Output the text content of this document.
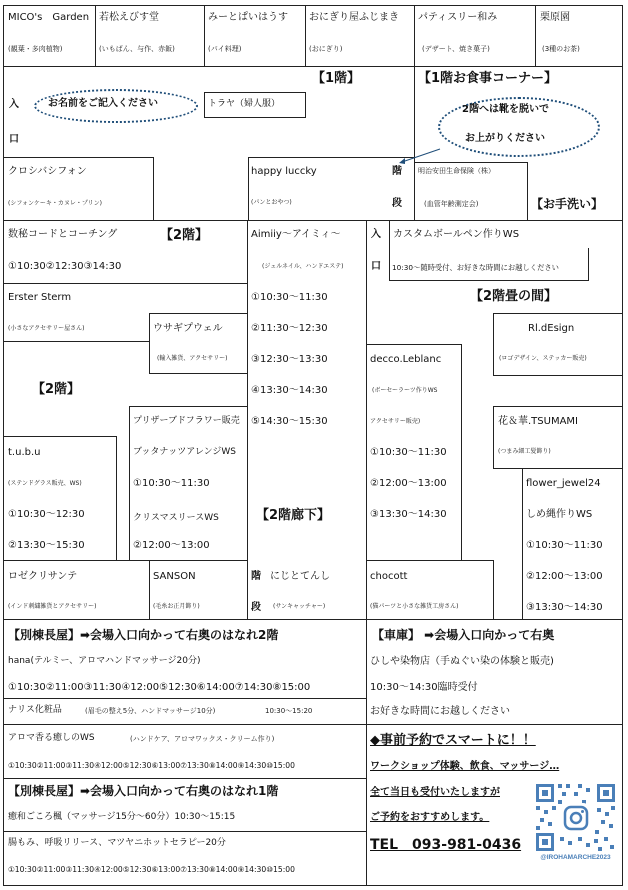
MICO's　Garden
(観葉・多肉植物)
若松えびす堂
(いもばん、与作、赤飯)
みーとぱいはうす
(パイ料理)
おにぎり屋ふじまき
(おにぎり)
パティスリー和み
(デザート、焼き菓子)
栗原園
(3種のお茶)
【1階】	【1階お食事コーナー】
入
口
お名前をご記入ください	トラヤ（婦人服）	2階へは靴を脱いで
お上がりください
クロシバシフォン
(シフォンケーキ・カヌレ・プリン)
happy luccky
(パンとおやつ)
階
段
明治安田生命保険（株）
(血管年齢測定会)	【お手洗い】
数秘コードとコーチング	【2階】
①10:30②12:30③14:30
Aimiiy～アイミィ～
(ジェルネイル、ハンドエステ)
①10:30～11:30
②11:30～12:30
③12:30～13:30
④13:30～14:30
⑤14:30～15:30
入
口
カスタムボールペン作りWS
10:30～随時受付、お好きな時間にお越しください
【2階畳の間】
Erster Sterm
(小さなアクセサリー屋さん)	ウサギプウェル
(輸入雑貨、アクセサリー)
【2階】
decco.Leblanc
(ボーセーラーツ作りWS
アクセサリー販売)
①10:30～11:30
②12:00～13:00
③13:30～14:30
Rl.dEsign
(ロゴデザイン、ステッカー販売)
プリザーブドフラワー販売
ブッタナッツアレンジWS
①10:30～11:30
クリスマスリースWS
②12:00～13:00
花＆華.TSUMAMI
(つまみ細工髪飾り)
t.u.b.u
(ステンドグラス販売、WS)
①10:30～12:30
②13:30～15:30
【2階廊下】
flower_jewel24
しめ縄作りWS
①10:30～11:30
②12:00～13:00
③13:30～14:30
ロゼクリサンテ
(インド刺繍雑貨とアクセサリー)
SANSON
(毛糸お正月飾り)
階
段
にじとてんし
(サンキャッチャー)
chocott
(猫パーツと小さな雑貨工房さん)
【別棟長屋】➡会場入口向かって右奥のはなれ2階
hana(テルミー、アロマハンドマッサージ20分)
①10:30②11:00③11:30④12:00⑤12:30⑥14:00⑦14:30⑧15:00
ナリス化粧品	(眉毛の整え5分、ハンドマッサージ10分)	10:30～15:20
アロマ香る癒しのWS	(ハンドケア、アロマワックス・クリーム作り)
①10:30②11:00③11:30④12:00⑤12:30⑥13:00⑦13:30⑧14:00⑨14:30⑩15:00
【別棟長屋】➡会場入口向かって右奥のはなれ1階
癒和ごころ楓（マッサージ15分～60分）10:30～15:15
腸もみ、呼吸リリース、マツヤニホットセラピー20分
①10:30②11:00③11:30④12:00⑤12:30⑥13:00⑦13:30⑧14:00⑨14:30⑩15:00
【車庫】 ➡会場入口向かって右奥
ひしや染物店（手ぬぐい染の体験と販売)
10:30～14:30臨時受付
お好きな時間にお越しください
◆事前予約でスマートに！！
ワークショップ体験、飲食、マッサージ…
全て当日も受付いたしますが
ご予約をおすすめします。
TEL　093-981-0436
@IROHAMARCHE2023
